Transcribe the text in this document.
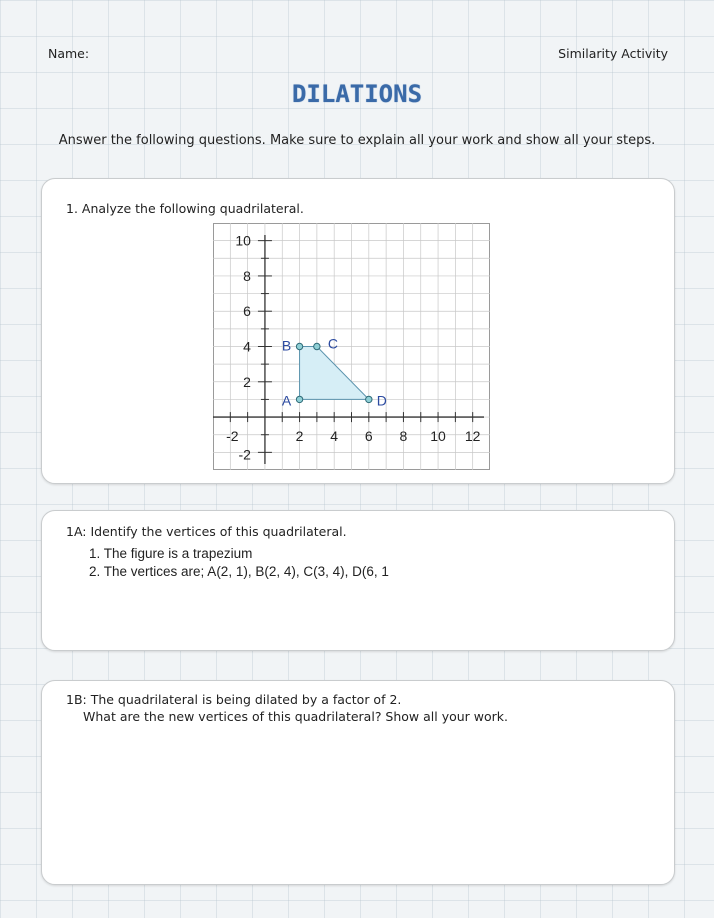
Name:	Similarity Activity
DILATIONS
Answer the following questions. Make sure to explain all your work and show all your steps.
1. Analyze the following quadrilateral.
-2	2 4 6 8 10 12
10
8
6
4
2
-2
A
B	C
D
1A: Identify the vertices of this quadrilateral.
1. The figure is a trapezium
2. The vertices are; A(2, 1), B(2, 4), C(3, 4), D(6, 1
1B: The quadrilateral is being dilated by a factor of 2.
What are the new vertices of this quadrilateral? Show all your work.
